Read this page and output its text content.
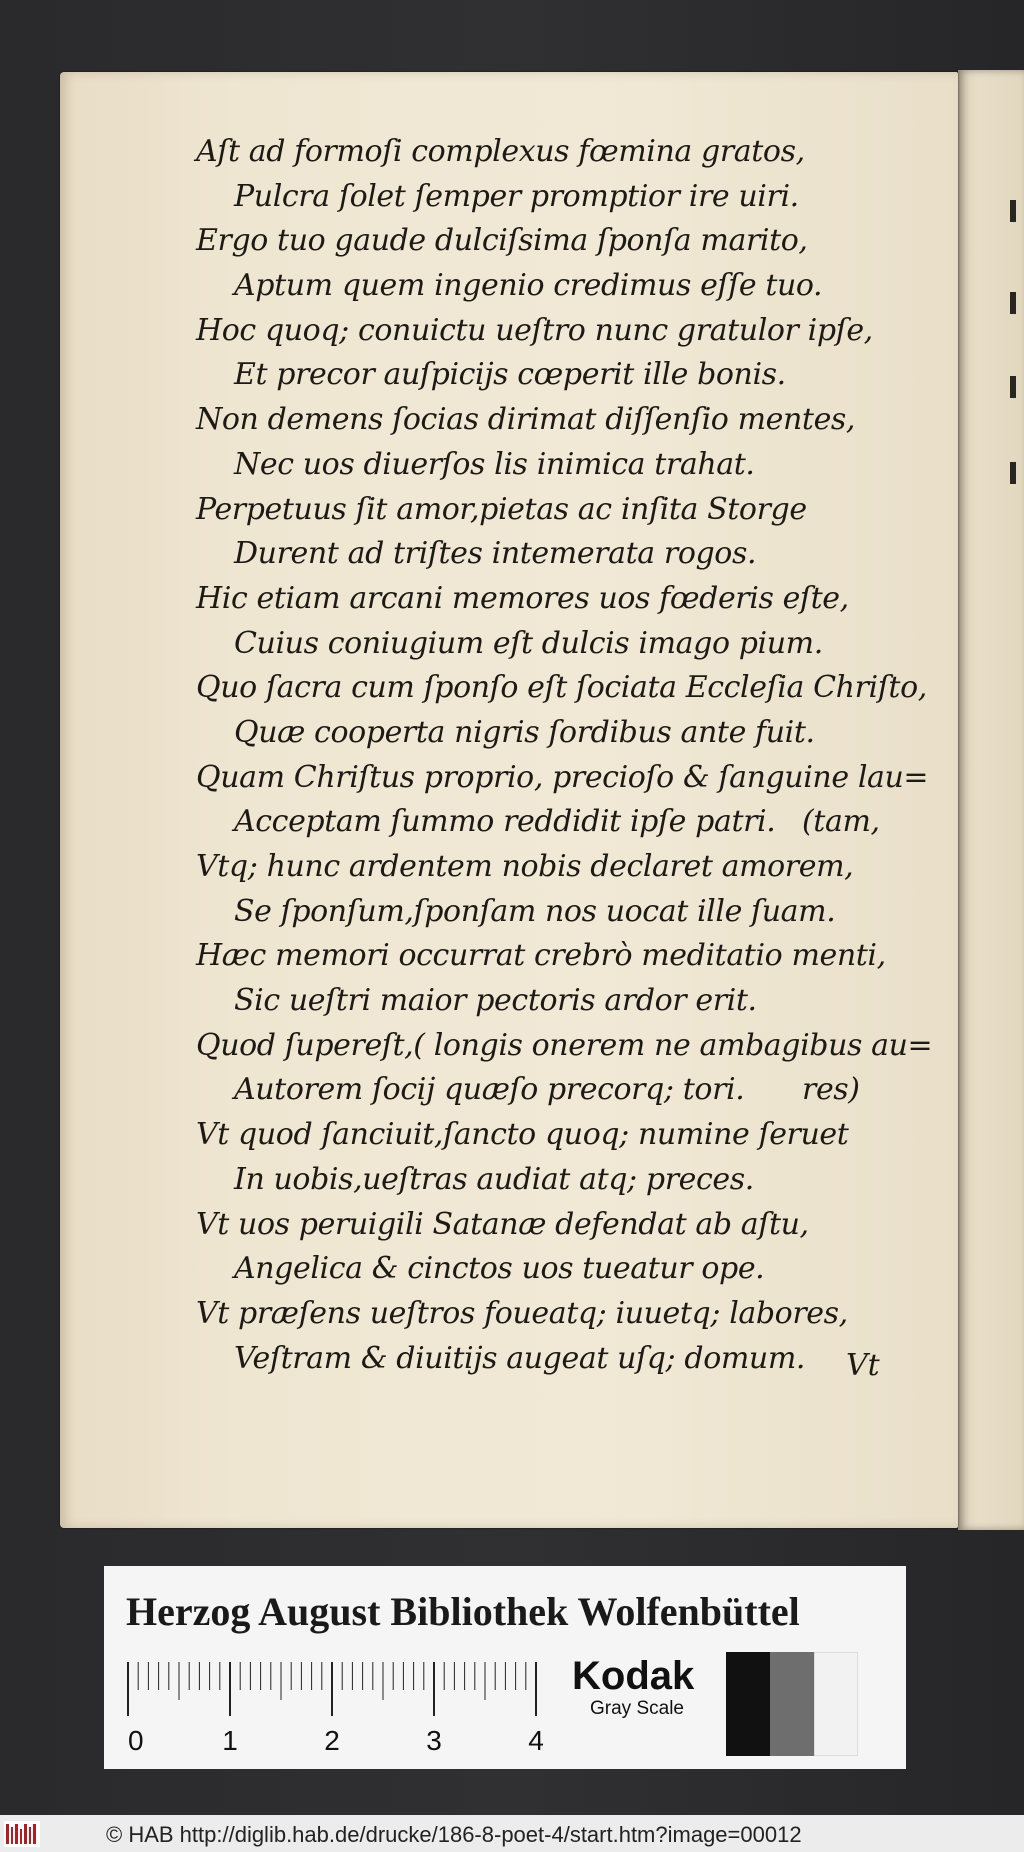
Aſt ad formoſi complexus fœmina gratos,
Pulcra ſolet ſemper promptior ire uiri.
Ergo tuo gaude dulciſsima ſponſa marito,
Aptum quem ingenio credimus eſſe tuo.
Hoc quoq; conuictu ueſtro nunc gratulor ipſe,
Et precor auſpicijs cœperit ille bonis.
Non demens ſocias dirimat diſſenſio mentes,
Nec uos diuerſos lis inimica trahat.
Perpetuus ſit amor,pietas ac inſita Storge
Durent ad triſtes intemerata rogos.
Hic etiam arcani memores uos fœderis eſte,
Cuius coniugium eſt dulcis imago pium.
Quo ſacra cum ſponſo eſt ſociata Eccleſia Chriſto,
Quæ cooperta nigris ſordibus ante fuit.
Quam Chriſtus proprio, precioſo & ſanguine lau=
Acceptam ſummo reddidit ipſe patri. (tam,
Vtq; hunc ardentem nobis declaret amorem,
Se ſponſum,ſponſam nos uocat ille ſuam.
Hæc memori occurrat crebrò meditatio menti,
Sic ueſtri maior pectoris ardor erit.
Quod ſupereſt,( longis onerem ne ambagibus au=
Autorem ſocij quæſo precorq; tori. res)
Vt quod ſanciuit,ſancto quoq; numine ſeruet
In uobis,ueſtras audiat atq; preces.
Vt uos peruigili Satanæ defendat ab aſtu,
Angelica & cinctos uos tueatur ope.
Vt præſens ueſtros foueatq; iuuetq; labores,
Veſtram & diuitijs augeat uſq; domum.	Vt
Herzog August Bibliothek Wolfenbüttel
0	1	2	3	4
Kodak
Gray Scale
© HAB http://diglib.hab.de/drucke/186-8-poet-4/start.htm?image=00012
